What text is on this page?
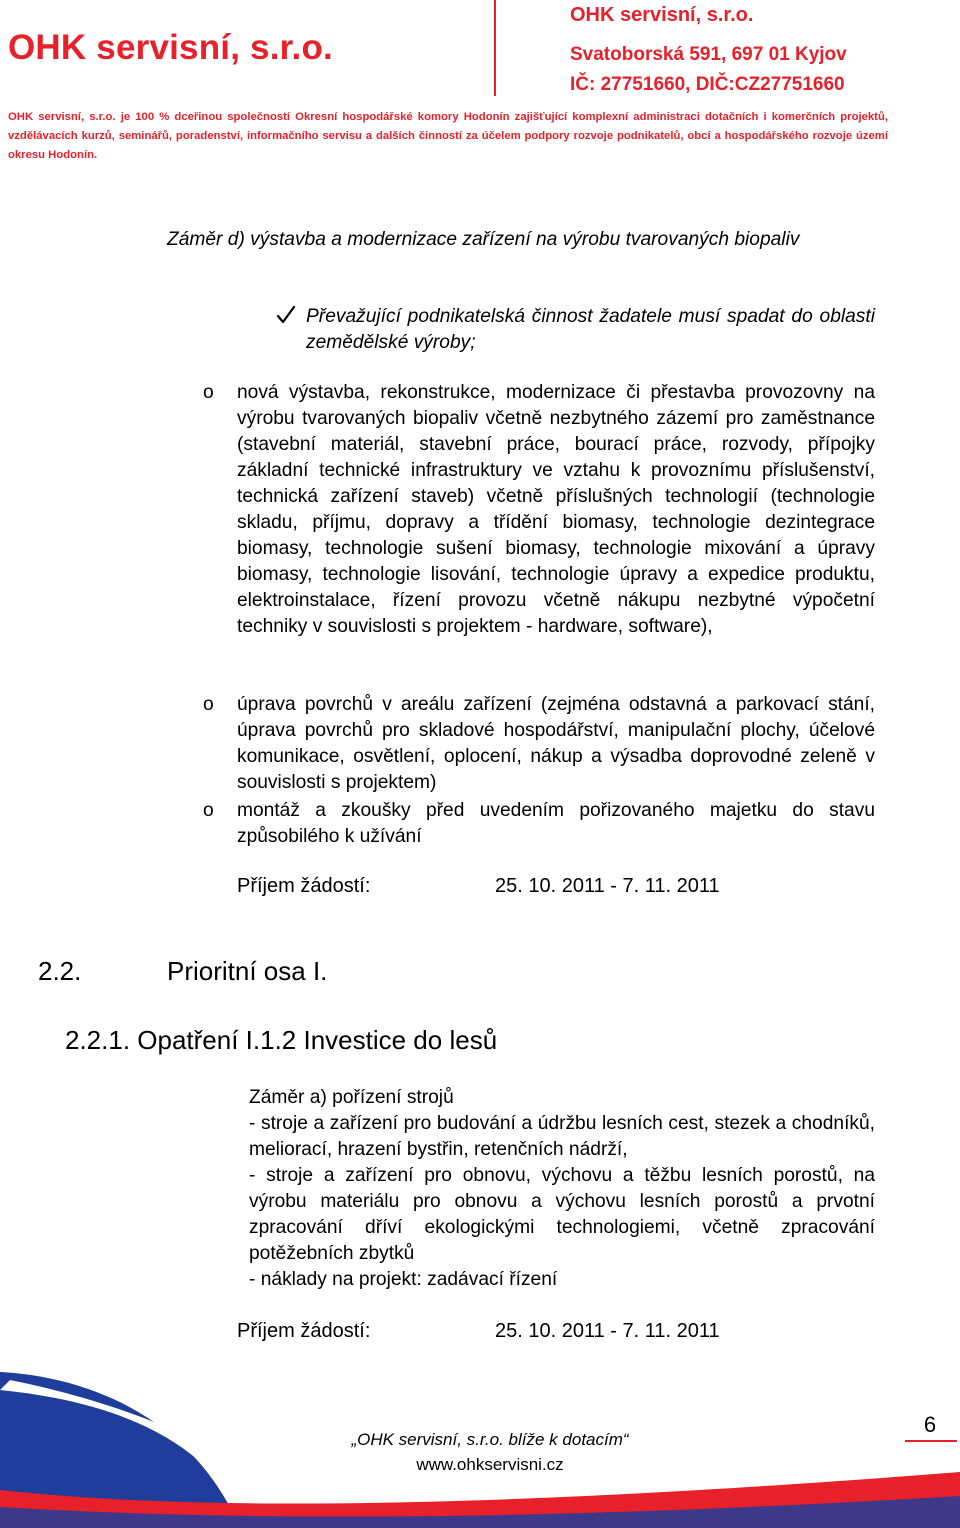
OHK servisní, s.r.o.
OHK servisní, s.r.o.
Svatoborská 591, 697 01 Kyjov
IČ: 27751660, DIČ:CZ27751660
OHK servisní, s.r.o. je 100 % dceřinou společností Okresní hospodářské komory Hodonín zajišťující komplexní administraci dotačních i komerčních projektů, vzdělávacích kurzů, seminářů, poradenství, informačního servisu a dalších činností za účelem podpory rozvoje podnikatelů, obcí a hospodářského rozvoje území okresu Hodonín.
Záměr d) výstavba a modernizace zařízení na výrobu tvarovaných biopaliv
Převažující podnikatelská činnost žadatele musí spadat do oblasti zemědělské výroby;
o nová výstavba, rekonstrukce, modernizace či přestavba provozovny na výrobu tvarovaných biopaliv včetně nezbytného zázemí pro zaměstnance (stavební materiál, stavební práce, bourací práce, rozvody, přípojky základní technické infrastruktury ve vztahu k provoznímu příslušenství, technická zařízení staveb) včetně příslušných technologií (technologie skladu, příjmu, dopravy a třídění biomasy, technologie dezintegrace biomasy, technologie sušení biomasy, technologie mixování a úpravy biomasy, technologie lisování, technologie úpravy a expedice produktu, elektroinstalace, řízení provozu včetně nákupu nezbytné výpočetní techniky v souvislosti s projektem - hardware, software),
o úprava povrchů v areálu zařízení (zejména odstavná a parkovací stání, úprava povrchů pro skladové hospodářství, manipulační plochy, účelové komunikace, osvětlení, oplocení, nákup a výsadba doprovodné zeleně v souvislosti s projektem)
o montáž a zkoušky před uvedením pořizovaného majetku do stavu způsobilého k užívání
Příjem žádostí:	25. 10. 2011 - 7. 11. 2011
2.2.	Prioritní osa I.
2.2.1. Opatření I.1.2 Investice do lesů
Záměr a) pořízení strojů
- stroje a zařízení pro budování a údržbu lesních cest, stezek a chodníků, meliorací, hrazení bystřin, retenčních nádrží,
- stroje a zařízení pro obnovu, výchovu a těžbu lesních porostů, na výrobu materiálu pro obnovu a výchovu lesních porostů a prvotní zpracování dříví ekologickými technologiemi, včetně zpracování potěžebních zbytků
- náklady na projekt: zadávací řízení
Příjem žádostí:	25. 10. 2011 - 7. 11. 2011
„OHK servisní, s.r.o. blíže k dotacím“
www.ohkservisni.cz
6
